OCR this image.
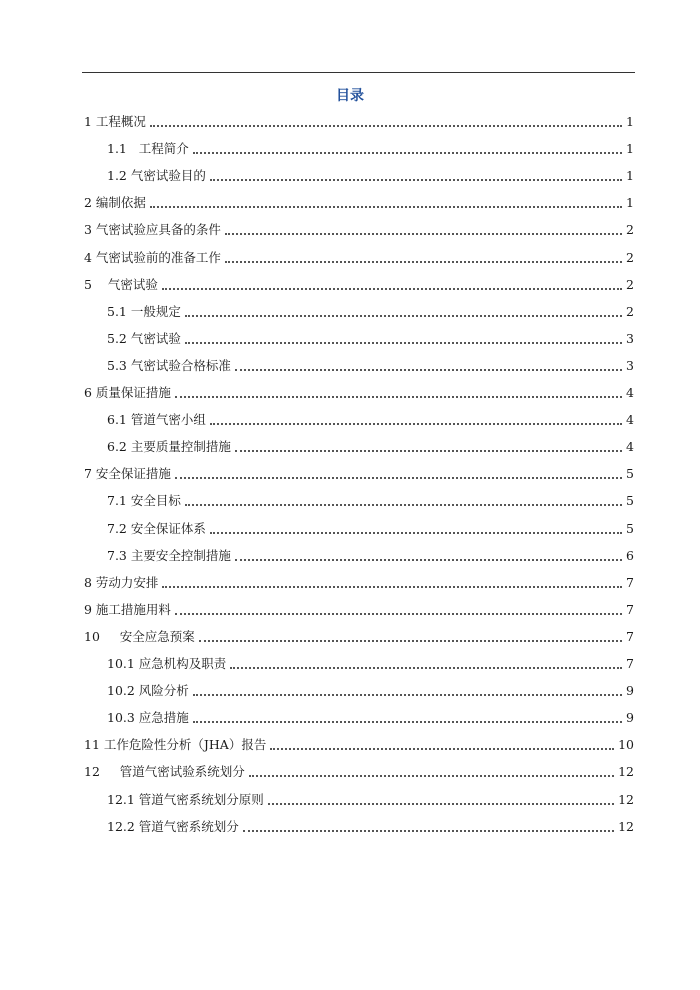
目录
1 工程概况	1
1.1   工程简介	1
1.2 气密试验目的	1
2 编制依据	1
3 气密试验应具备的条件	2
4 气密试验前的准备工作	2
5    气密试验	2
5.1 一般规定	2
5.2 气密试验	3
5.3 气密试验合格标准	3
6 质量保证措施	4
6.1 管道气密小组	4
6.2 主要质量控制措施	4
7 安全保证措施	5
7.1 安全目标	5
7.2 安全保证体系	5
7.3 主要安全控制措施	6
8 劳动力安排	7
9 施工措施用料	7
10     安全应急预案	7
10.1 应急机构及职责	7
10.2 风险分析	9
10.3 应急措施	9
11 工作危险性分析（JHA）报告	10
12     管道气密试验系统划分	12
12.1 管道气密系统划分原则	12
12.2 管道气密系统划分	12
